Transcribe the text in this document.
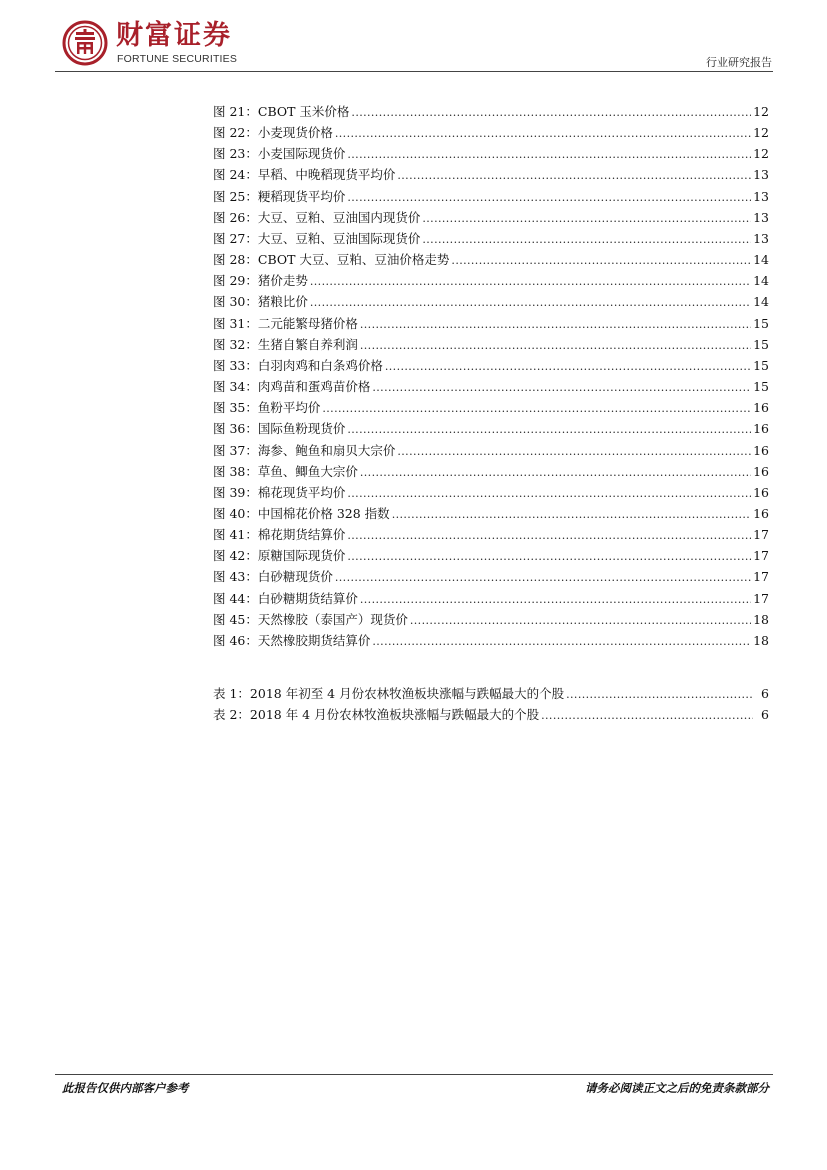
财富证券
FORTUNE SECURITIES	行业研究报告
图 21：CBOT 玉米价格 .....	12
图 22：小麦现货价格 .....	12
图 23：小麦国际现货价 .....	12
图 24：早稻、中晚稻现货平均价 .....	13
图 25：粳稻现货平均价 .....	13
图 26：大豆、豆粕、豆油国内现货价 .....	13
图 27：大豆、豆粕、豆油国际现货价 .....	13
图 28：CBOT 大豆、豆粕、豆油价格走势 .....	14
图 29：猪价走势 .....	14
图 30：猪粮比价 .....	14
图 31：二元能繁母猪价格 .....	15
图 32：生猪自繁自养利润 .....	15
图 33：白羽肉鸡和白条鸡价格 .....	15
图 34：肉鸡苗和蛋鸡苗价格 .....	15
图 35：鱼粉平均价 .....	16
图 36：国际鱼粉现货价 .....	16
图 37：海参、鲍鱼和扇贝大宗价 .....	16
图 38：草鱼、鲫鱼大宗价 .....	16
图 39：棉花现货平均价 .....	16
图 40：中国棉花价格 328 指数 .....	16
图 41：棉花期货结算价 .....	17
图 42：原糖国际现货价 .....	17
图 43：白砂糖现货价 .....	17
图 44：白砂糖期货结算价 .....	17
图 45：天然橡胶（泰国产）现货价 .....	18
图 46：天然橡胶期货结算价 .....	18
表 1：2018 年初至 4 月份农林牧渔板块涨幅与跌幅最大的个股 .....	6
表 2：2018 年 4 月份农林牧渔板块涨幅与跌幅最大的个股 .....	6
此报告仅供内部客户参考	请务必阅读正文之后的免责条款部分
